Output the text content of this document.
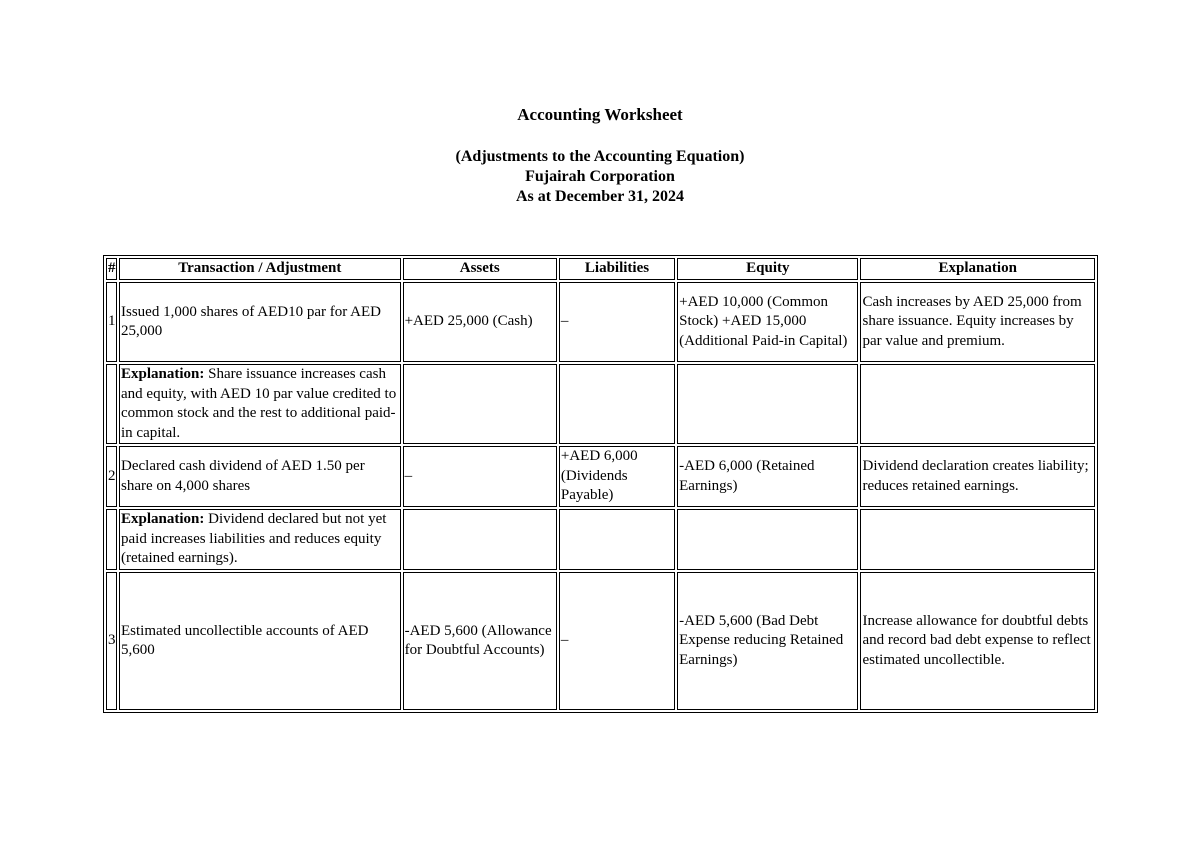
Accounting Worksheet
(Adjustments to the Accounting Equation)
Fujairah Corporation
As at December 31, 2024
#	Transaction / Adjustment	Assets	Liabilities	Equity	Explanation
1	Issued 1,000 shares of AED10 par for AED 25,000	+AED 25,000 (Cash)	–	+AED 10,000 (Common Stock) +AED 15,000 (Additional Paid-in Capital)	Cash increases by AED 25,000 from share issuance. Equity increases by par value and premium.
	Explanation: Share issuance increases cash and equity, with AED 10 par value credited to common stock and the rest to additional paid-in capital.				
2	Declared cash dividend of AED 1.50 per share on 4,000 shares	–	+AED 6,000 (Dividends Payable)	-AED 6,000 (Retained Earnings)	Dividend declaration creates liability; reduces retained earnings.
	Explanation: Dividend declared but not yet paid increases liabilities and reduces equity (retained earnings).				
3	Estimated uncollectible accounts of AED 5,600	-AED 5,600 (Allowance for Doubtful Accounts)	–	-AED 5,600 (Bad Debt Expense reducing Retained Earnings)	Increase allowance for doubtful debts and record bad debt expense to reflect estimated uncollectible.
